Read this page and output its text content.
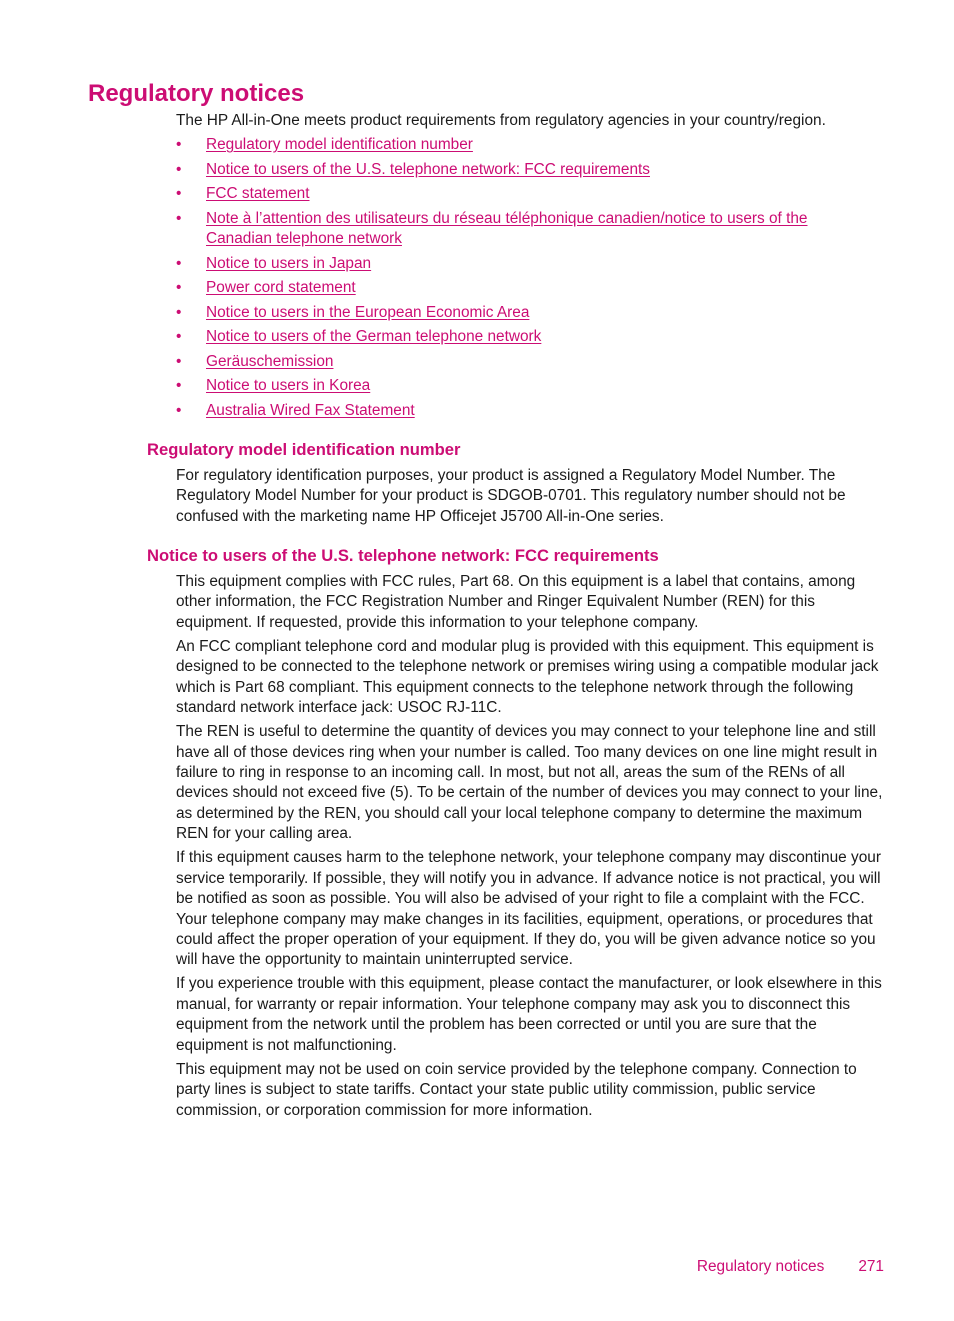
Regulatory notices

The HP All-in-One meets product requirements from regulatory agencies in your country/region.

• Regulatory model identification number
• Notice to users of the U.S. telephone network: FCC requirements
• FCC statement
• Note à l’attention des utilisateurs du réseau téléphonique canadien/notice to users of the Canadian telephone network
• Notice to users in Japan
• Power cord statement
• Notice to users in the European Economic Area
• Notice to users of the German telephone network
• Geräuschemission
• Notice to users in Korea
• Australia Wired Fax Statement
Regulatory model identification number

For regulatory identification purposes, your product is assigned a Regulatory Model Number. The Regulatory Model Number for your product is SDGOB-0701. This regulatory number should not be confused with the marketing name HP Officejet J5700 All-in-One series.

Notice to users of the U.S. telephone network: FCC requirements

This equipment complies with FCC rules, Part 68. On this equipment is a label that contains, among other information, the FCC Registration Number and Ringer Equivalent Number (REN) for this equipment. If requested, provide this information to your telephone company.

An FCC compliant telephone cord and modular plug is provided with this equipment. This equipment is designed to be connected to the telephone network or premises wiring using a compatible modular jack which is Part 68 compliant. This equipment connects to the telephone network through the following standard network interface jack: USOC RJ-11C.

The REN is useful to determine the quantity of devices you may connect to your telephone line and still have all of those devices ring when your number is called. Too many devices on one line might result in failure to ring in response to an incoming call. In most, but not all, areas the sum of the RENs of all devices should not exceed five (5). To be certain of the number of devices you may connect to your line, as determined by the REN, you should call your local telephone company to determine the maximum REN for your calling area.

If this equipment causes harm to the telephone network, your telephone company may discontinue your service temporarily. If possible, they will notify you in advance. If advance notice is not practical, you will be notified as soon as possible. You will also be advised of your right to file a complaint with the FCC. Your telephone company may make changes in its facilities, equipment, operations, or procedures that could affect the proper operation of your equipment. If they do, you will be given advance notice so you will have the opportunity to maintain uninterrupted service.

If you experience trouble with this equipment, please contact the manufacturer, or look elsewhere in this manual, for warranty or repair information. Your telephone company may ask you to disconnect this equipment from the network until the problem has been corrected or until you are sure that the equipment is not malfunctioning.

This equipment may not be used on coin service provided by the telephone company. Connection to party lines is subject to state tariffs. Contact your state public utility commission, public service commission, or corporation commission for more information.

Regulatory notices 271
